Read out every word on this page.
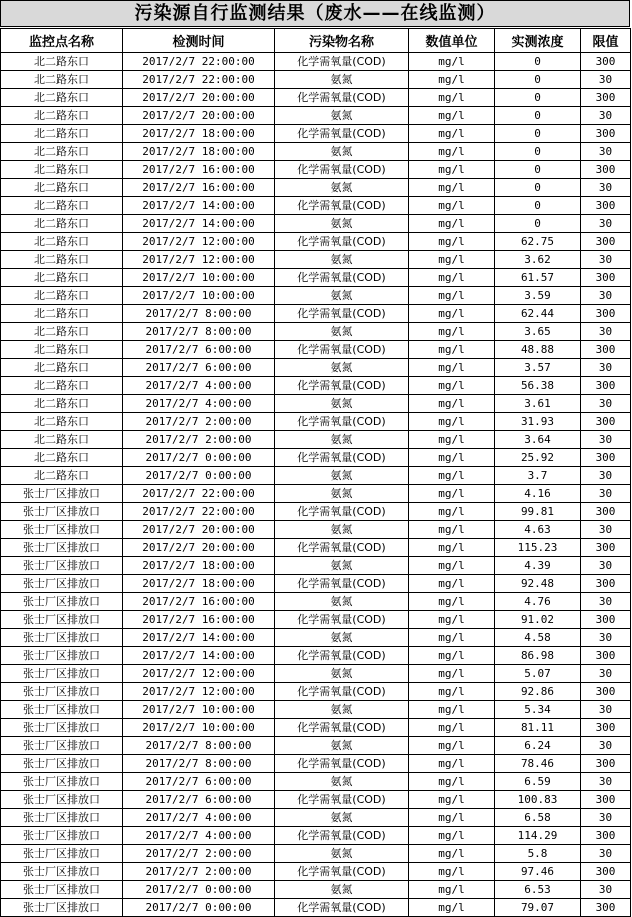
污染源自行监测结果（废水——在线监测）
监控点名称	检测时间	污染物名称	数值单位	实测浓度	限值
北二路东口	2017/2/7 22:00:00	化学需氧量(COD)	mg/l	0	300
北二路东口	2017/2/7 22:00:00	氨氮	mg/l	0	30
北二路东口	2017/2/7 20:00:00	化学需氧量(COD)	mg/l	0	300
北二路东口	2017/2/7 20:00:00	氨氮	mg/l	0	30
北二路东口	2017/2/7 18:00:00	化学需氧量(COD)	mg/l	0	300
北二路东口	2017/2/7 18:00:00	氨氮	mg/l	0	30
北二路东口	2017/2/7 16:00:00	化学需氧量(COD)	mg/l	0	300
北二路东口	2017/2/7 16:00:00	氨氮	mg/l	0	30
北二路东口	2017/2/7 14:00:00	化学需氧量(COD)	mg/l	0	300
北二路东口	2017/2/7 14:00:00	氨氮	mg/l	0	30
北二路东口	2017/2/7 12:00:00	化学需氧量(COD)	mg/l	62.75	300
北二路东口	2017/2/7 12:00:00	氨氮	mg/l	3.62	30
北二路东口	2017/2/7 10:00:00	化学需氧量(COD)	mg/l	61.57	300
北二路东口	2017/2/7 10:00:00	氨氮	mg/l	3.59	30
北二路东口	2017/2/7 8:00:00	化学需氧量(COD)	mg/l	62.44	300
北二路东口	2017/2/7 8:00:00	氨氮	mg/l	3.65	30
北二路东口	2017/2/7 6:00:00	化学需氧量(COD)	mg/l	48.88	300
北二路东口	2017/2/7 6:00:00	氨氮	mg/l	3.57	30
北二路东口	2017/2/7 4:00:00	化学需氧量(COD)	mg/l	56.38	300
北二路东口	2017/2/7 4:00:00	氨氮	mg/l	3.61	30
北二路东口	2017/2/7 2:00:00	化学需氧量(COD)	mg/l	31.93	300
北二路东口	2017/2/7 2:00:00	氨氮	mg/l	3.64	30
北二路东口	2017/2/7 0:00:00	化学需氧量(COD)	mg/l	25.92	300
北二路东口	2017/2/7 0:00:00	氨氮	mg/l	3.7	30
张士厂区排放口	2017/2/7 22:00:00	氨氮	mg/l	4.16	30
张士厂区排放口	2017/2/7 22:00:00	化学需氧量(COD)	mg/l	99.81	300
张士厂区排放口	2017/2/7 20:00:00	氨氮	mg/l	4.63	30
张士厂区排放口	2017/2/7 20:00:00	化学需氧量(COD)	mg/l	115.23	300
张士厂区排放口	2017/2/7 18:00:00	氨氮	mg/l	4.39	30
张士厂区排放口	2017/2/7 18:00:00	化学需氧量(COD)	mg/l	92.48	300
张士厂区排放口	2017/2/7 16:00:00	氨氮	mg/l	4.76	30
张士厂区排放口	2017/2/7 16:00:00	化学需氧量(COD)	mg/l	91.02	300
张士厂区排放口	2017/2/7 14:00:00	氨氮	mg/l	4.58	30
张士厂区排放口	2017/2/7 14:00:00	化学需氧量(COD)	mg/l	86.98	300
张士厂区排放口	2017/2/7 12:00:00	氨氮	mg/l	5.07	30
张士厂区排放口	2017/2/7 12:00:00	化学需氧量(COD)	mg/l	92.86	300
张士厂区排放口	2017/2/7 10:00:00	氨氮	mg/l	5.34	30
张士厂区排放口	2017/2/7 10:00:00	化学需氧量(COD)	mg/l	81.11	300
张士厂区排放口	2017/2/7 8:00:00	氨氮	mg/l	6.24	30
张士厂区排放口	2017/2/7 8:00:00	化学需氧量(COD)	mg/l	78.46	300
张士厂区排放口	2017/2/7 6:00:00	氨氮	mg/l	6.59	30
张士厂区排放口	2017/2/7 6:00:00	化学需氧量(COD)	mg/l	100.83	300
张士厂区排放口	2017/2/7 4:00:00	氨氮	mg/l	6.58	30
张士厂区排放口	2017/2/7 4:00:00	化学需氧量(COD)	mg/l	114.29	300
张士厂区排放口	2017/2/7 2:00:00	氨氮	mg/l	5.8	30
张士厂区排放口	2017/2/7 2:00:00	化学需氧量(COD)	mg/l	97.46	300
张士厂区排放口	2017/2/7 0:00:00	氨氮	mg/l	6.53	30
张士厂区排放口	2017/2/7 0:00:00	化学需氧量(COD)	mg/l	79.07	300
